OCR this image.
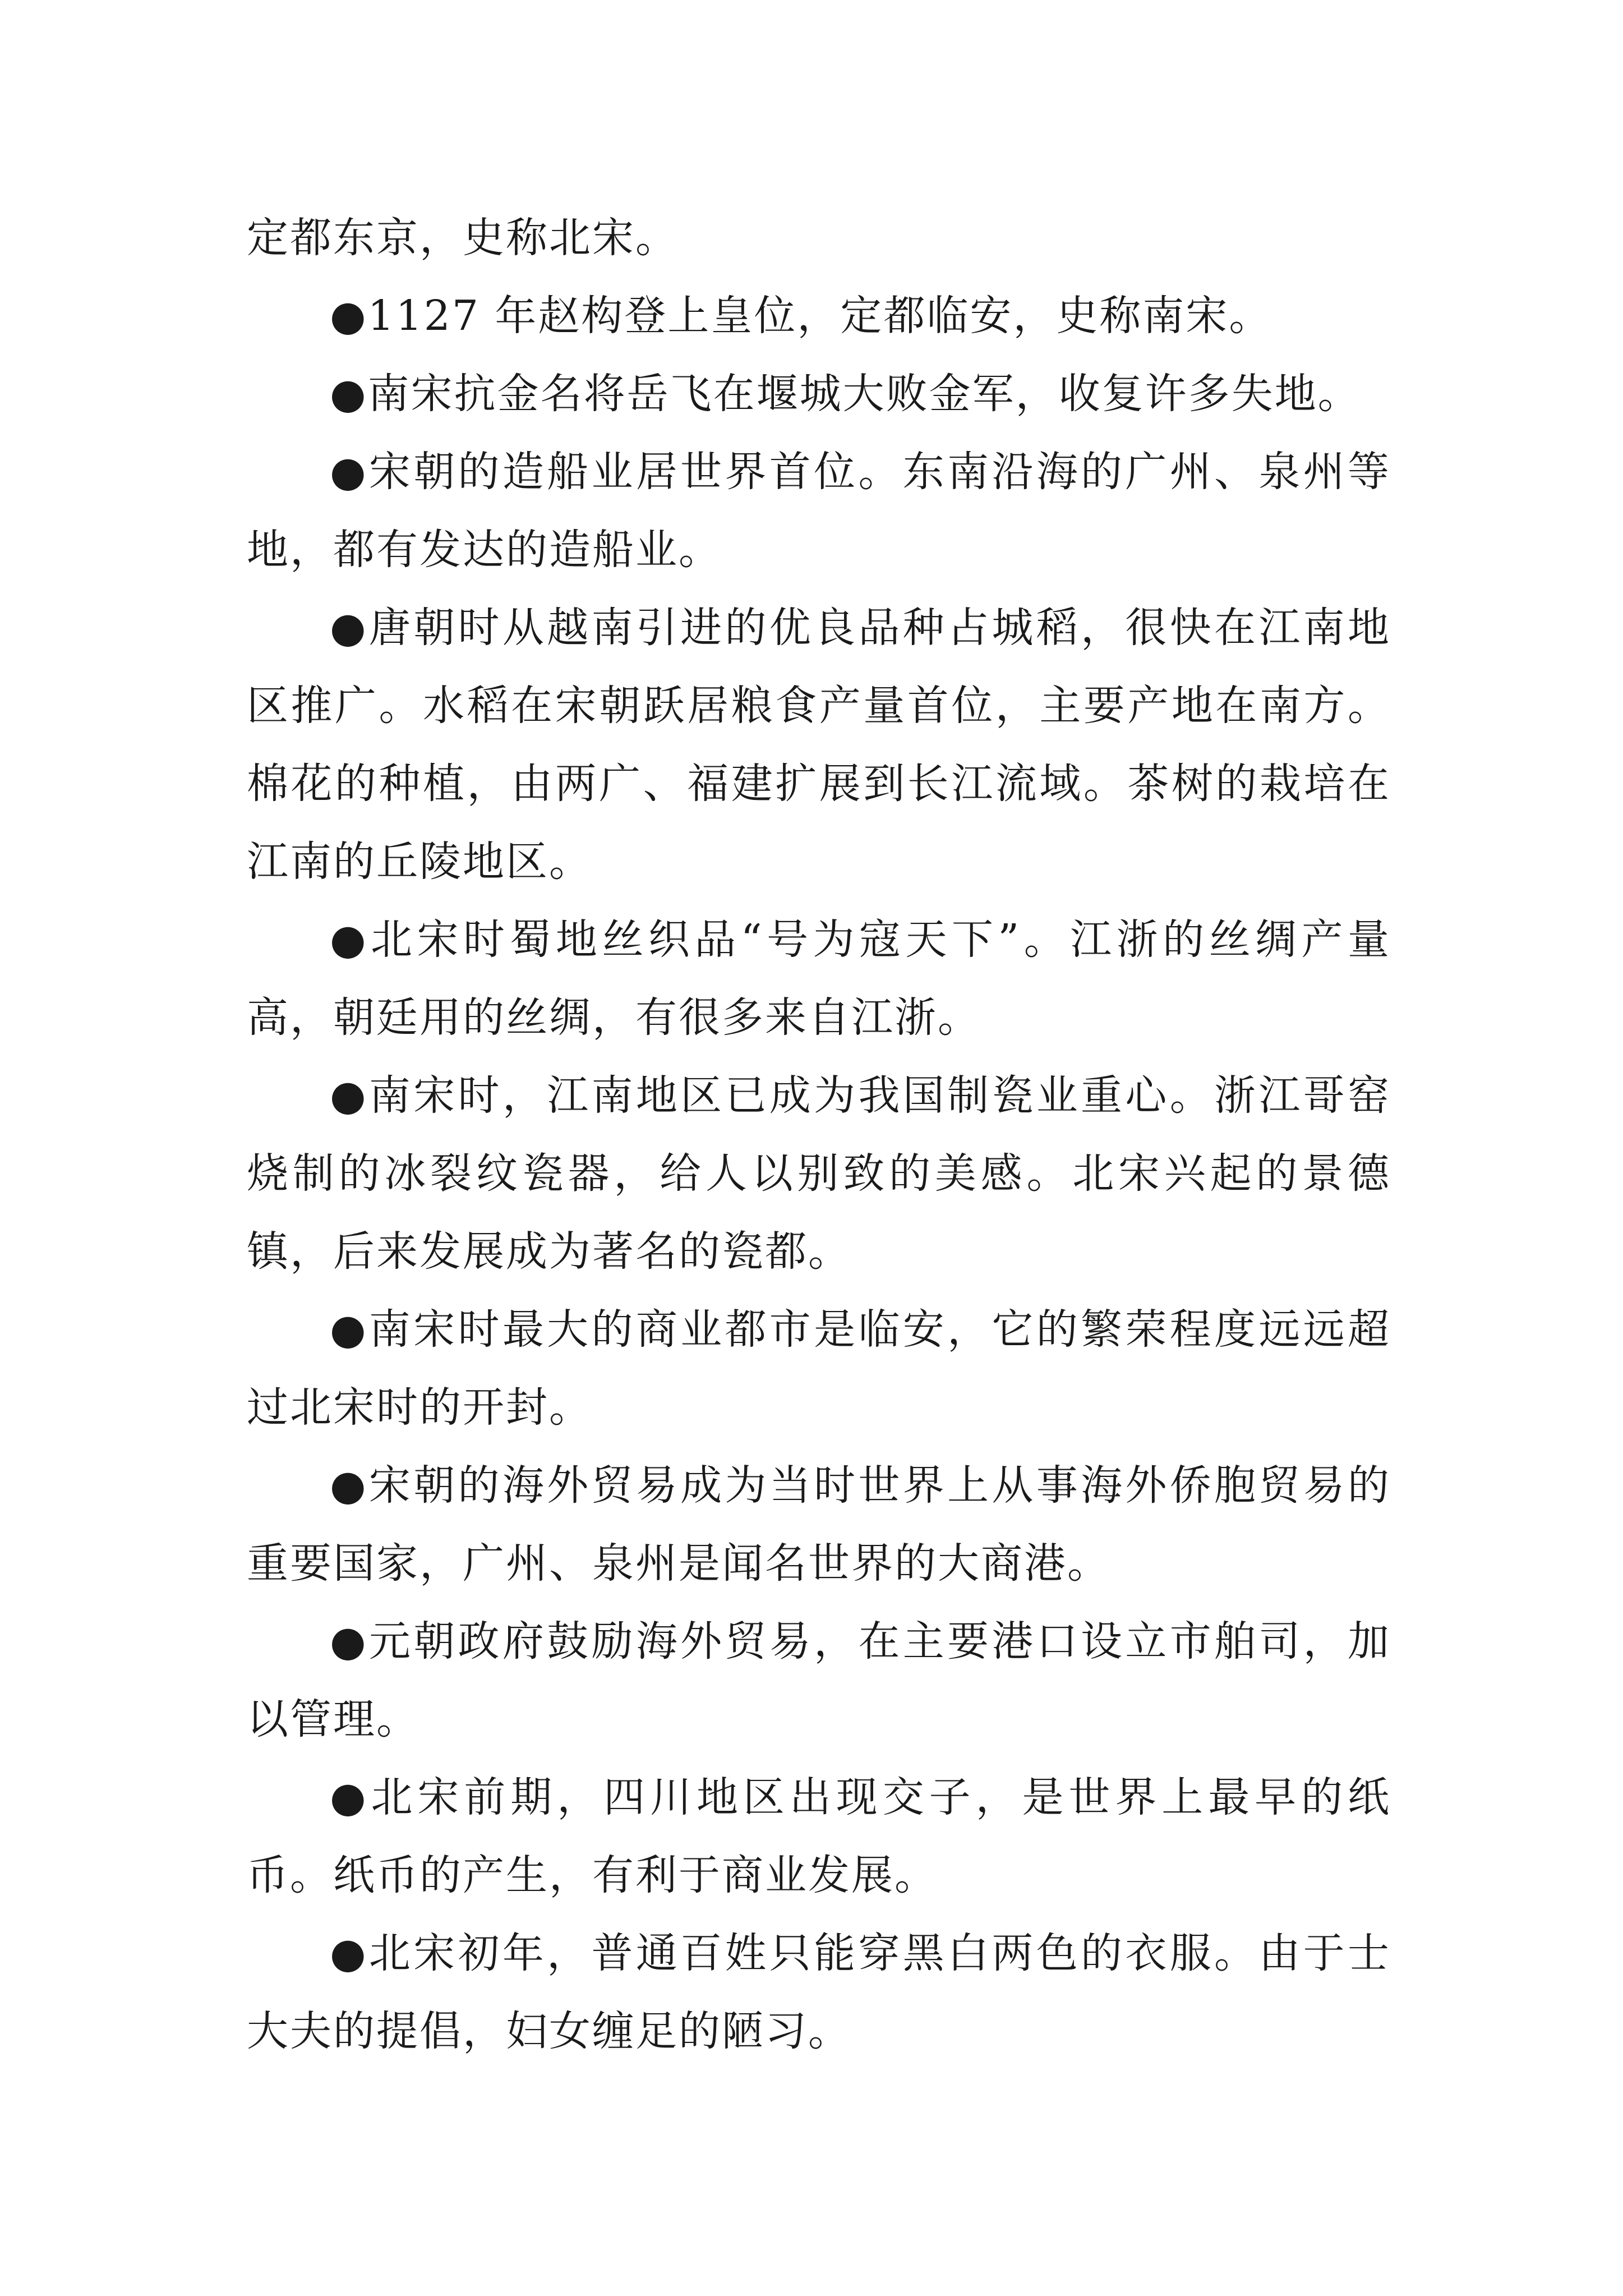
定都东京，史称北宋。

●1127 年赵构登上皇位，定都临安，史称南宋。

●南宋抗金名将岳飞在堰城大败金军，收复许多失地。

●宋朝的造船业居世界首位。东南沿海的广州、泉州等地，都有发达的造船业。

●唐朝时从越南引进的优良品种占城稻，很快在江南地区推广。水稻在宋朝跃居粮食产量首位，主要产地在南方。棉花的种植，由两广、福建扩展到长江流域。茶树的栽培在江南的丘陵地区。

●北宋时蜀地丝织品“号为寇天下”。江浙的丝绸产量高，朝廷用的丝绸，有很多来自江浙。

●南宋时，江南地区已成为我国制瓷业重心。浙江哥窑烧制的冰裂纹瓷器，给人以别致的美感。北宋兴起的景德镇，后来发展成为著名的瓷都。

●南宋时最大的商业都市是临安，它的繁荣程度远远超过北宋时的开封。

●宋朝的海外贸易成为当时世界上从事海外侨胞贸易的重要国家，广州、泉州是闻名世界的大商港。

●元朝政府鼓励海外贸易，在主要港口设立市舶司，加以管理。

●北宋前期，四川地区出现交子，是世界上最早的纸币。纸币的产生，有利于商业发展。

●北宋初年，普通百姓只能穿黑白两色的衣服。由于士大夫的提倡，妇女缠足的陋习。
